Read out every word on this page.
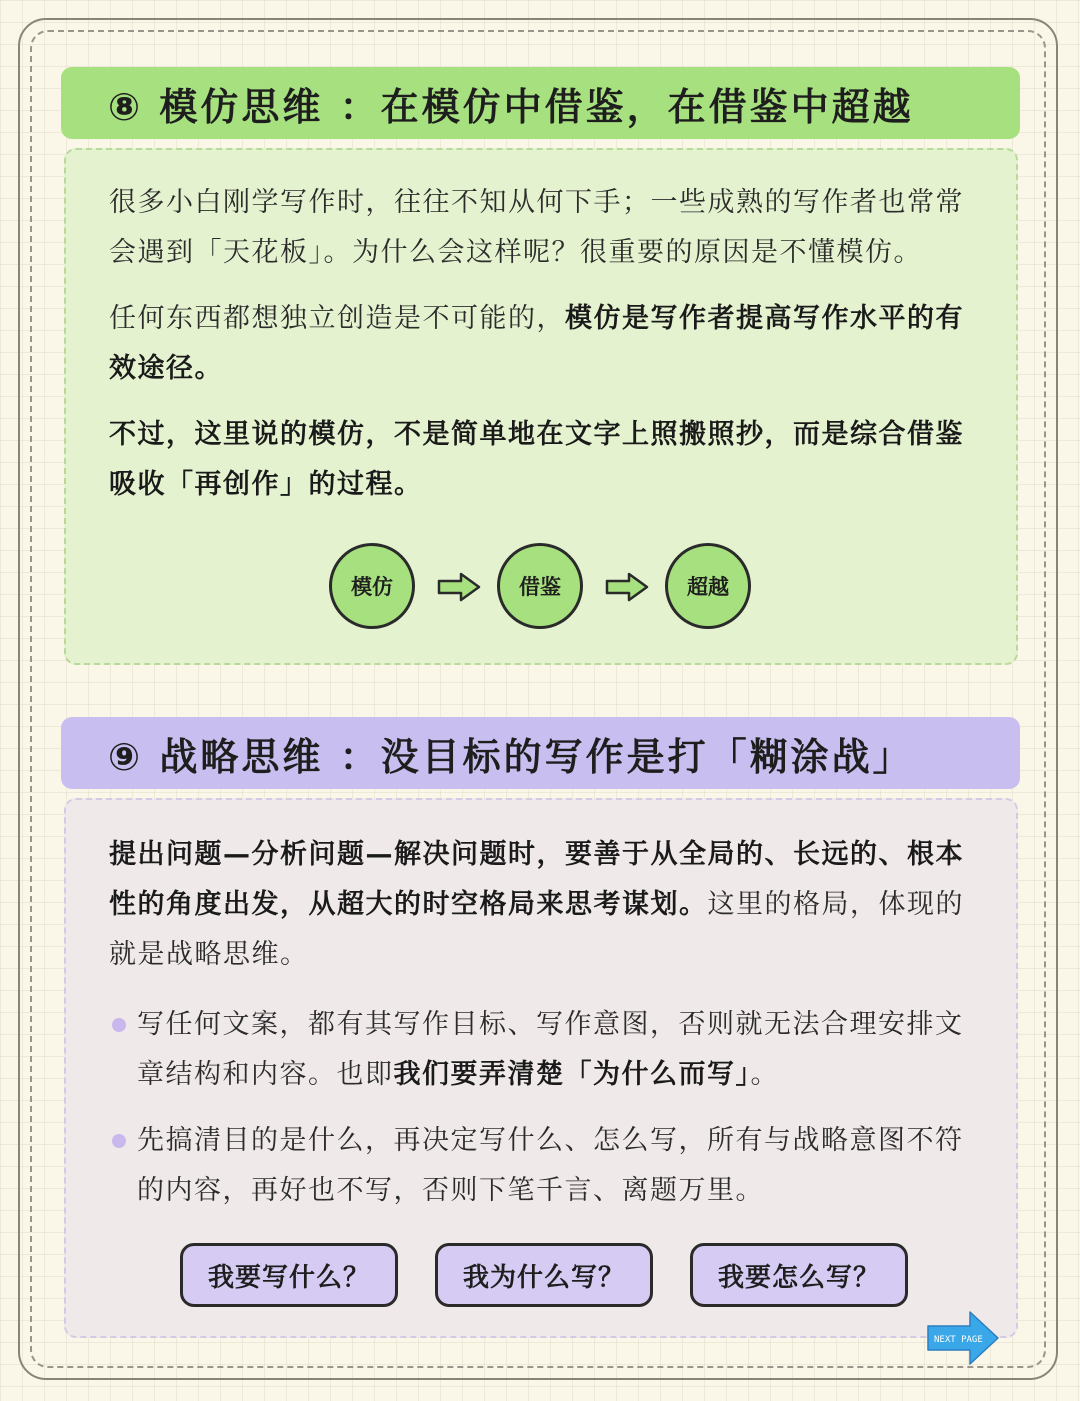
⑧ 模仿思维 ：在模仿中借鉴，在借鉴中超越
很多小白刚学写作时，往往不知从何下手；一些成熟的写作者也常常会遇到「天花板」。为什么会这样呢？很重要的原因是不懂模仿。
任何东西都想独立创造是不可能的，模仿是写作者提高写作水平的有效途径。
不过，这里说的模仿，不是简单地在文字上照搬照抄，而是综合借鉴吸收「再创作」的过程。
模仿	借鉴	超越
⑨ 战略思维 ：没目标的写作是打「糊涂战」
提出问题—分析问题—解决问题时，要善于从全局的、长远的、根本性的角度出发，从超大的时空格局来思考谋划。这里的格局，体现的就是战略思维。
写任何文案，都有其写作目标、写作意图，否则就无法合理安排文章结构和内容。也即我们要弄清楚「为什么而写」。
先搞清目的是什么，再决定写什么、怎么写，所有与战略意图不符的内容，再好也不写，否则下笔千言、离题万里。
我要写什么？	我为什么写？	我要怎么写？
NEXT PAGE
